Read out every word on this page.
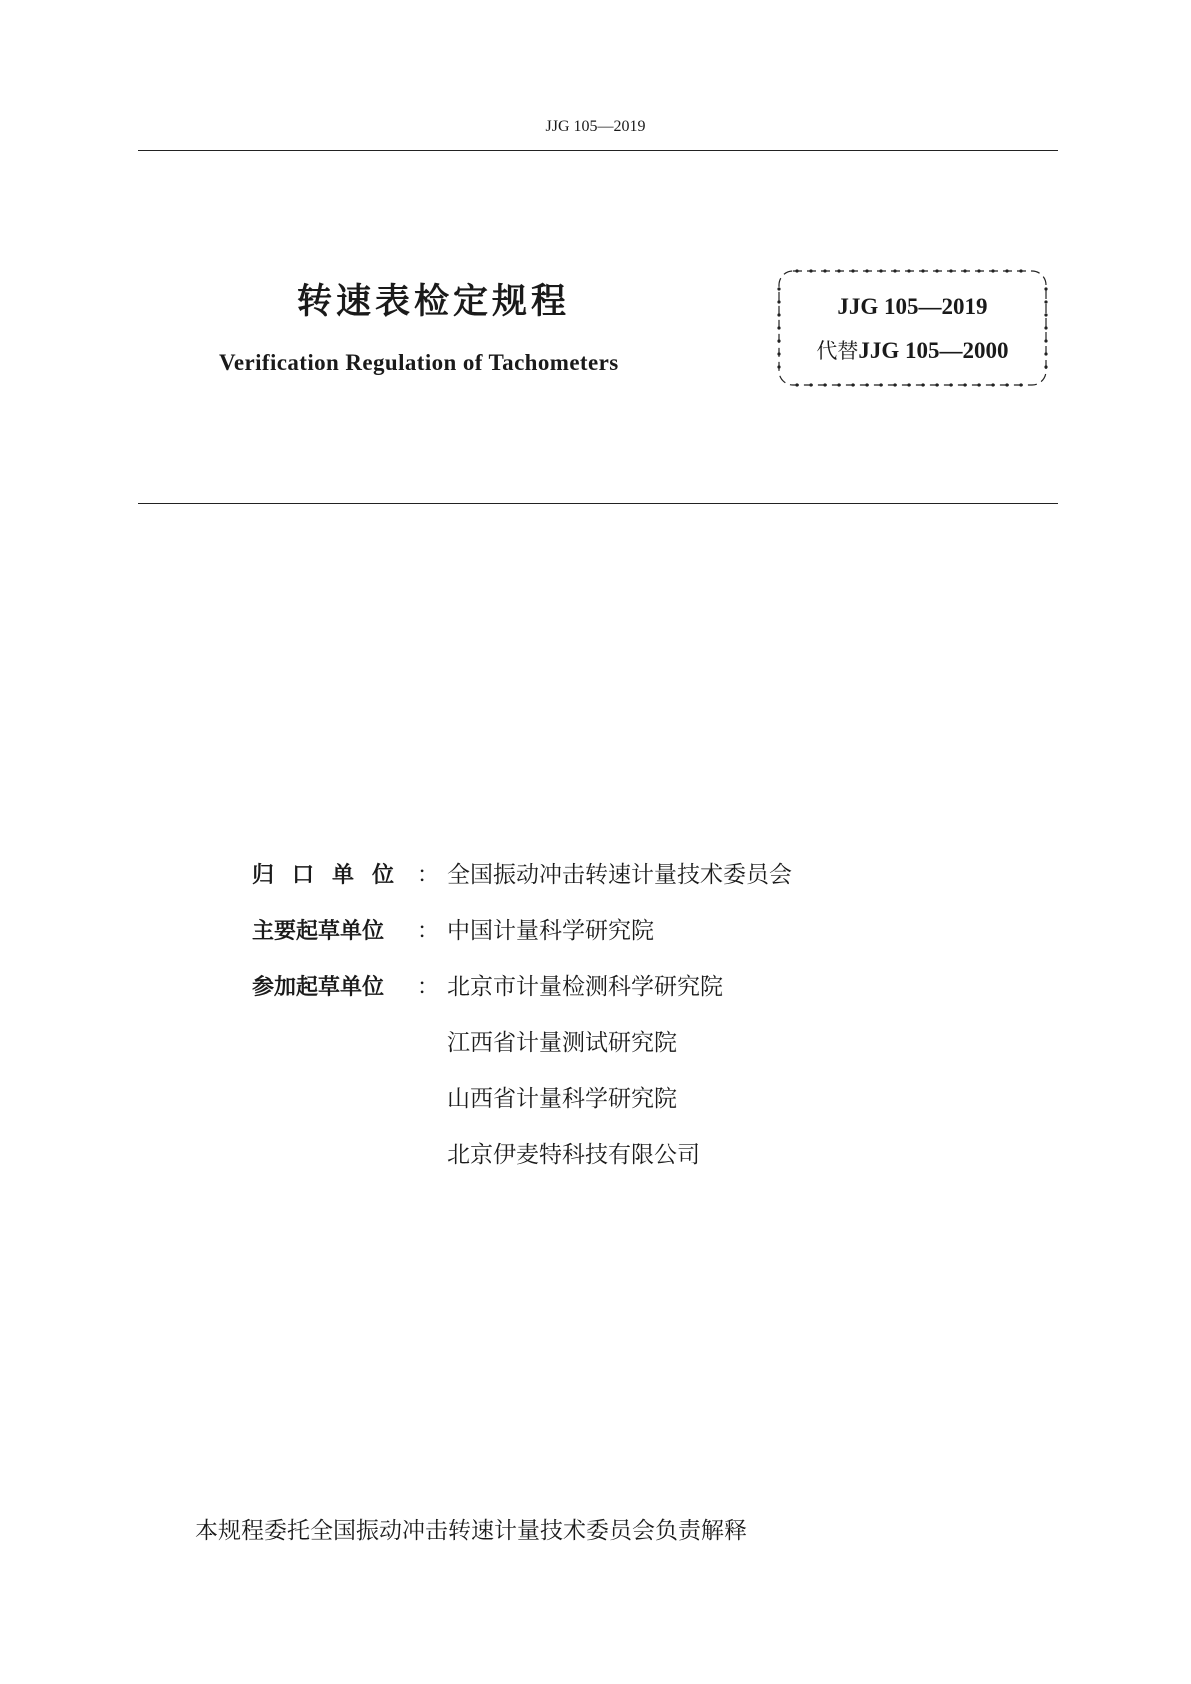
JJG 105—2019
转速表检定规程
Verification Regulation of Tachometers
JJG 105—2019
代替JJG 105—2000
归口单位 ： 全国振动冲击转速计量技术委员会
主要起草单位	： 中国计量科学研究院
参加起草单位	： 北京市计量检测科学研究院
江西省计量测试研究院
山西省计量科学研究院
北京伊麦特科技有限公司
本规程委托全国振动冲击转速计量技术委员会负责解释
